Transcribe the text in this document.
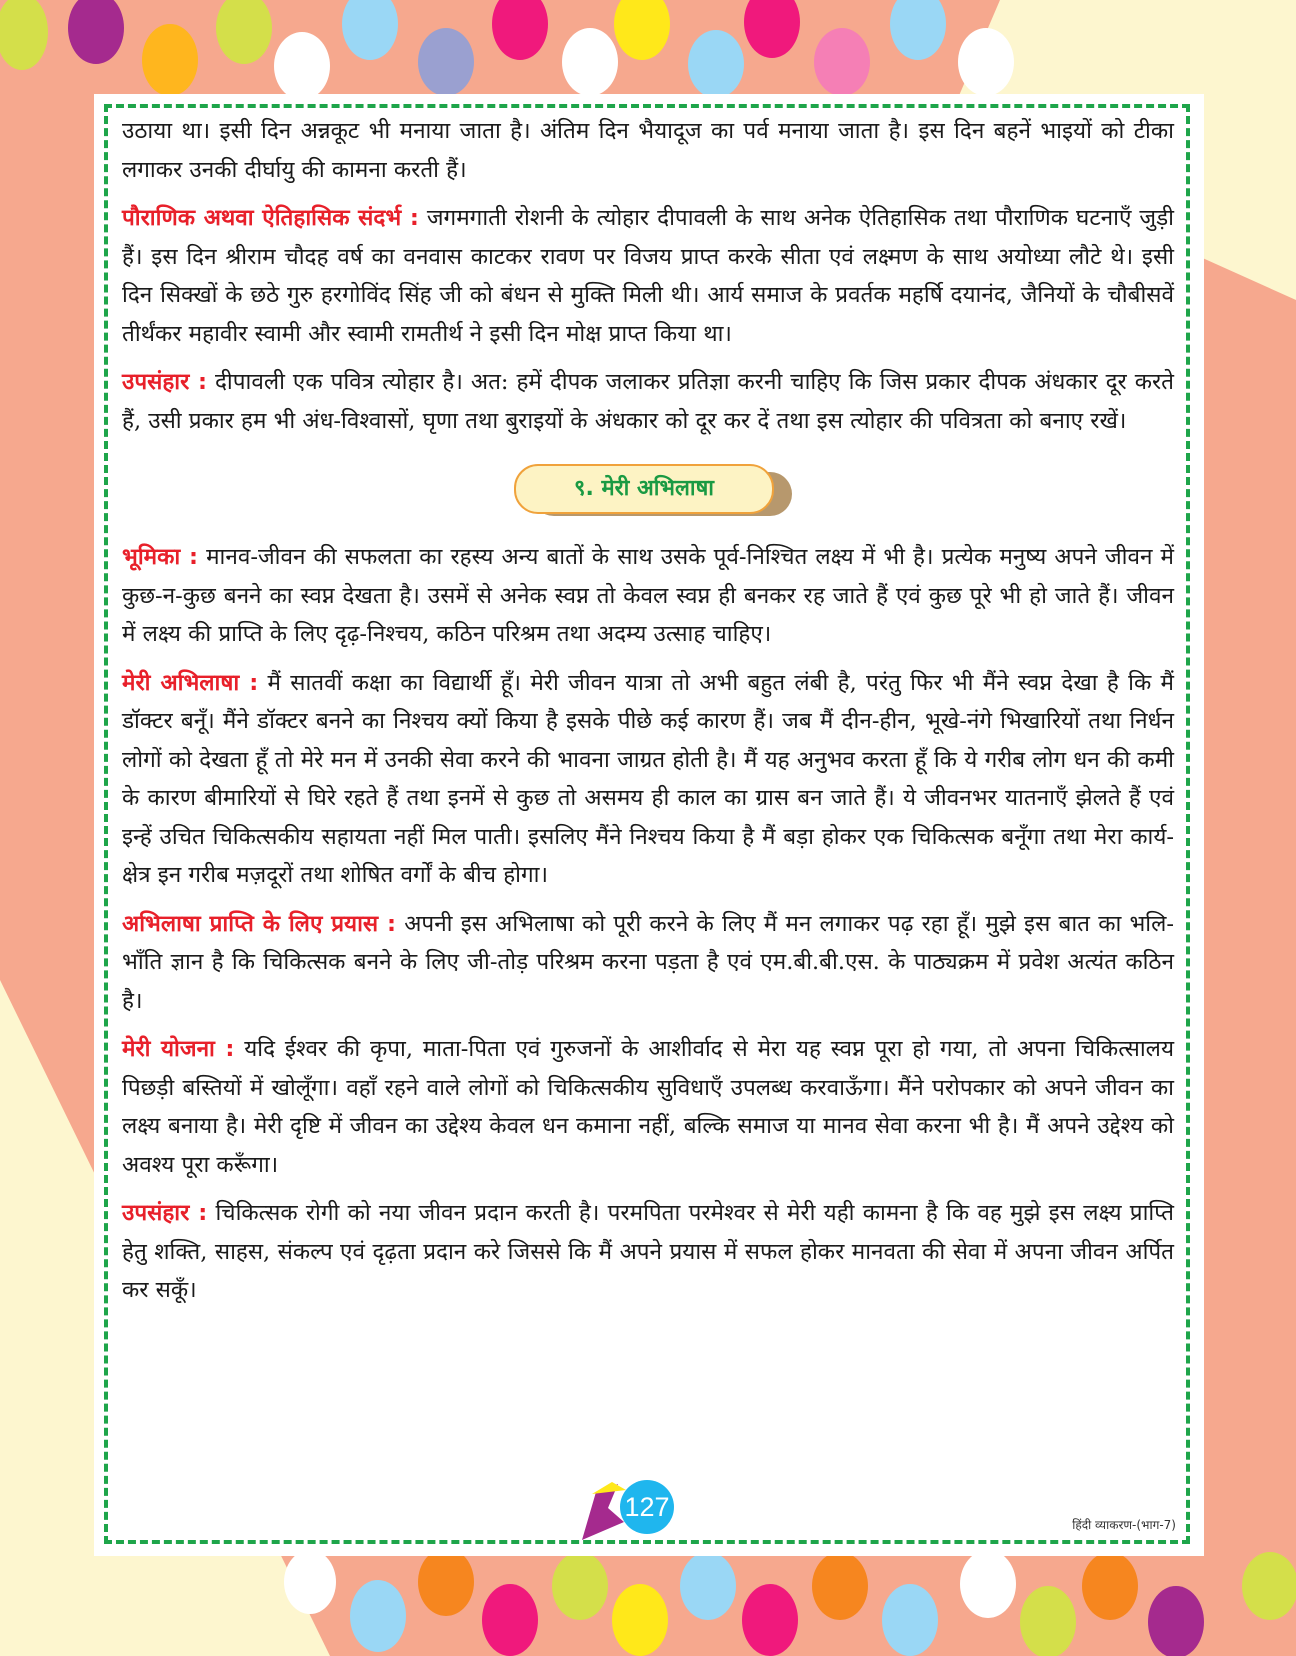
उठाया था। इसी दिन अन्नकूट भी मनाया जाता है। अंतिम दिन भैयादूज का पर्व मनाया जाता है। इस दिन बहनें भाइयों को टीका लगाकर उनकी दीर्घायु की कामना करती हैं।

पौराणिक अथवा ऐतिहासिक संदर्भ : जगमगाती रोशनी के त्योहार दीपावली के साथ अनेक ऐतिहासिक तथा पौराणिक घटनाएँ जुड़ी हैं। इस दिन श्रीराम चौदह वर्ष का वनवास काटकर रावण पर विजय प्राप्त करके सीता एवं लक्ष्मण के साथ अयोध्या लौटे थे। इसी दिन सिक्खों के छठे गुरु हरगोविंद सिंह जी को बंधन से मुक्ति मिली थी। आर्य समाज के प्रवर्तक महर्षि दयानंद, जैनियों के चौबीसवें तीर्थंकर महावीर स्वामी और स्वामी रामतीर्थ ने इसी दिन मोक्ष प्राप्त किया था।

उपसंहार : दीपावली एक पवित्र त्योहार है। अत: हमें दीपक जलाकर प्रतिज्ञा करनी चाहिए कि जिस प्रकार दीपक अंधकार दूर करते हैं, उसी प्रकार हम भी अंध-विश्वासों, घृणा तथा बुराइयों के अंधकार को दूर कर दें तथा इस त्योहार की पवित्रता को बनाए रखें।

९. मेरी अभिलाषा

भूमिका : मानव-जीवन की सफलता का रहस्य अन्य बातों के साथ उसके पूर्व-निश्चित लक्ष्य में भी है। प्रत्येक मनुष्य अपने जीवन में कुछ-न-कुछ बनने का स्वप्न देखता है। उसमें से अनेक स्वप्न तो केवल स्वप्न ही बनकर रह जाते हैं एवं कुछ पूरे भी हो जाते हैं। जीवन में लक्ष्य की प्राप्ति के लिए दृढ़-निश्चय, कठिन परिश्रम तथा अदम्य उत्साह चाहिए।

मेरी अभिलाषा : मैं सातवीं कक्षा का विद्यार्थी हूँ। मेरी जीवन यात्रा तो अभी बहुत लंबी है, परंतु फिर भी मैंने स्वप्न देखा है कि मैं डॉक्टर बनूँ। मैंने डॉक्टर बनने का निश्चय क्यों किया है इसके पीछे कई कारण हैं। जब मैं दीन-हीन, भूखे-नंगे भिखारियों तथा निर्धन लोगों को देखता हूँ तो मेरे मन में उनकी सेवा करने की भावना जाग्रत होती है। मैं यह अनुभव करता हूँ कि ये गरीब लोग धन की कमी के कारण बीमारियों से घिरे रहते हैं तथा इनमें से कुछ तो असमय ही काल का ग्रास बन जाते हैं। ये जीवनभर यातनाएँ झेलते हैं एवं इन्हें उचित चिकित्सकीय सहायता नहीं मिल पाती। इसलिए मैंने निश्चय किया है मैं बड़ा होकर एक चिकित्सक बनूँगा तथा मेरा कार्य-क्षेत्र इन गरीब मज़दूरों तथा शोषित वर्गों के बीच होगा।

अभिलाषा प्राप्ति के लिए प्रयास : अपनी इस अभिलाषा को पूरी करने के लिए मैं मन लगाकर पढ़ रहा हूँ। मुझे इस बात का भलि-भाँति ज्ञान है कि चिकित्सक बनने के लिए जी-तोड़ परिश्रम करना पड़ता है एवं एम.बी.बी.एस. के पाठ्यक्रम में प्रवेश अत्यंत कठिन है।

मेरी योजना : यदि ईश्वर की कृपा, माता-पिता एवं गुरुजनों के आशीर्वाद से मेरा यह स्वप्न पूरा हो गया, तो अपना चिकित्सालय पिछड़ी बस्तियों में खोलूँगा। वहाँ रहने वाले लोगों को चिकित्सकीय सुविधाएँ उपलब्ध करवाऊँगा। मैंने परोपकार को अपने जीवन का लक्ष्य बनाया है। मेरी दृष्टि में जीवन का उद्देश्य केवल धन कमाना नहीं, बल्कि समाज या मानव सेवा करना भी है। मैं अपने उद्देश्य को अवश्य पूरा करूँगा।

उपसंहार : चिकित्सक रोगी को नया जीवन प्रदान करती है। परमपिता परमेश्वर से मेरी यही कामना है कि वह मुझे इस लक्ष्य प्राप्ति हेतु शक्ति, साहस, संकल्प एवं दृढ़ता प्रदान करे जिससे कि मैं अपने प्रयास में सफल होकर मानवता की सेवा में अपना जीवन अर्पित कर सकूँ।

127
हिंदी व्याकरण-(भाग-7)
